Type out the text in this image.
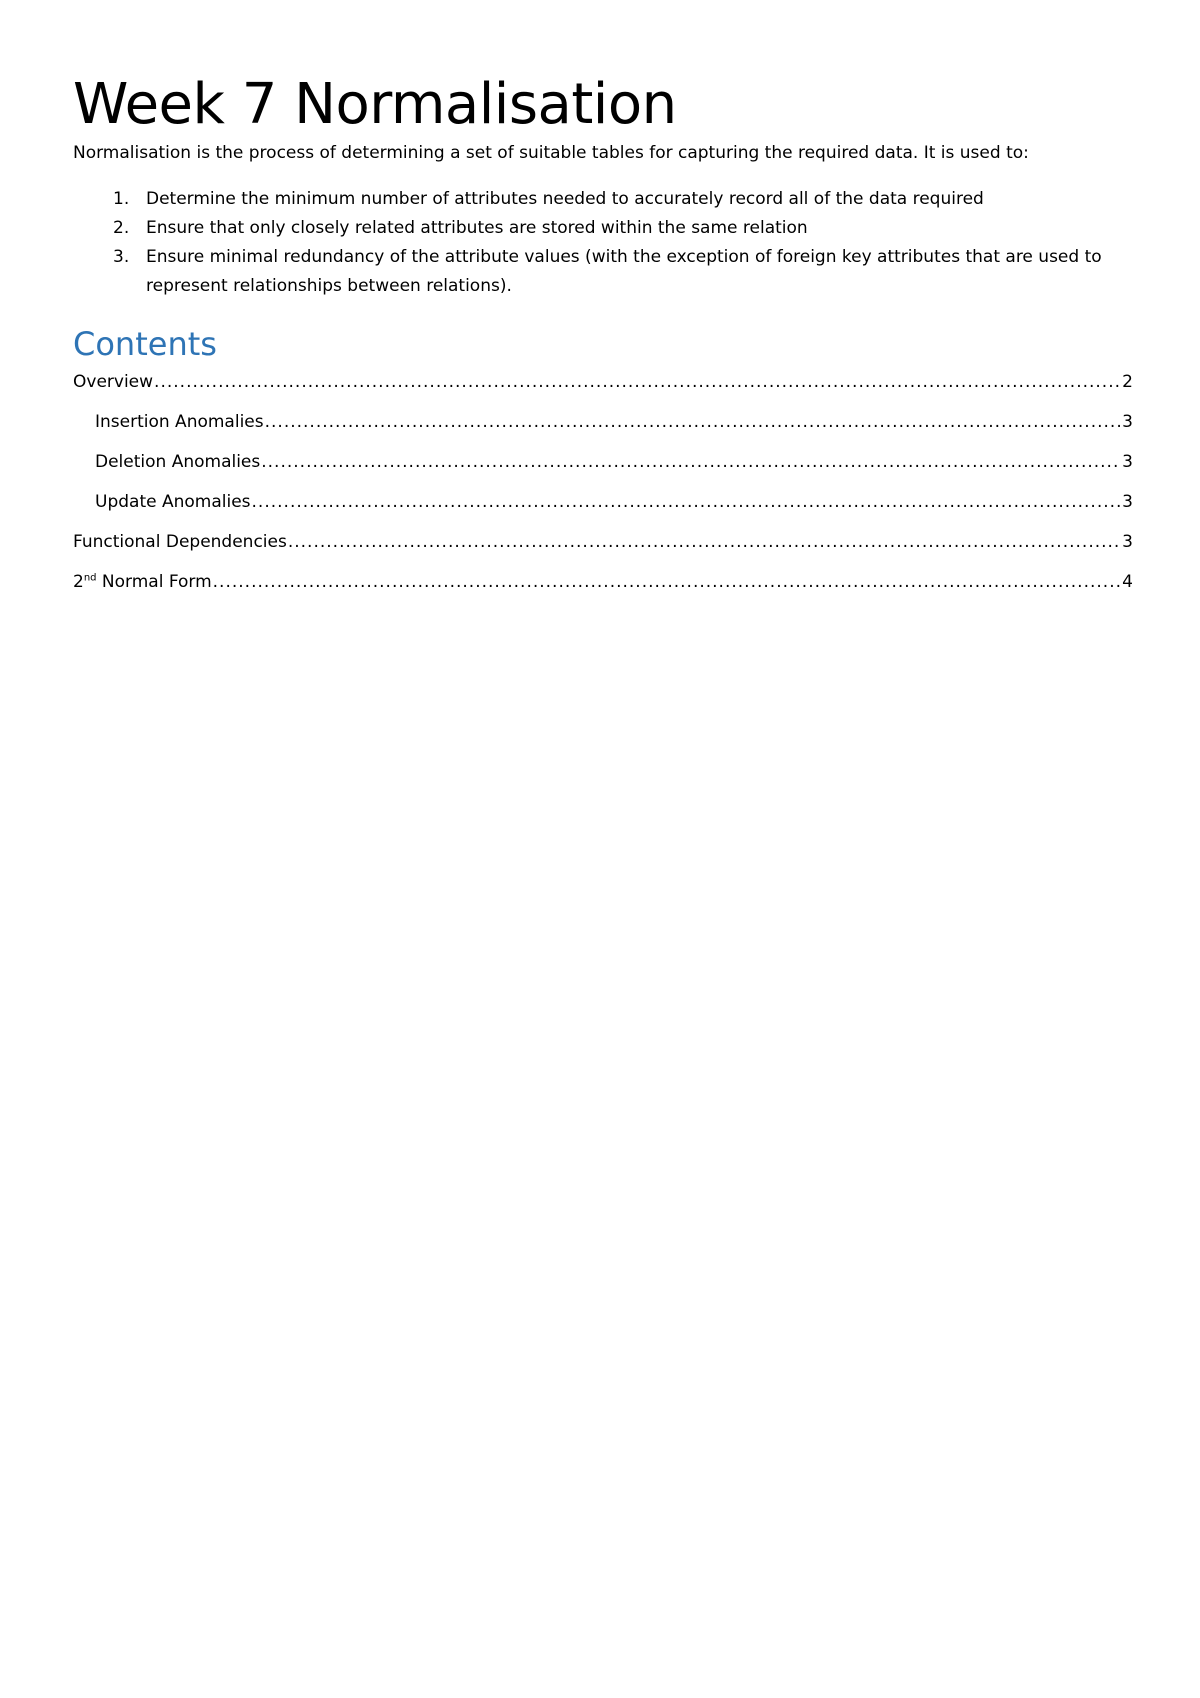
Week 7 Normalisation

Normalisation is the process of determining a set of suitable tables for capturing the required data. It is used to:

1. Determine the minimum number of attributes needed to accurately record all of the data required
2. Ensure that only closely related attributes are stored within the same relation
3. Ensure minimal redundancy of the attribute values (with the exception of foreign key attributes that are used to represent relationships between relations).
Contents
Overview .....	2
Insertion Anomalies .....	3
Deletion Anomalies .....	3
Update Anomalies .....	3
Functional Dependencies .....	3
2nd Normal Form .....	4
